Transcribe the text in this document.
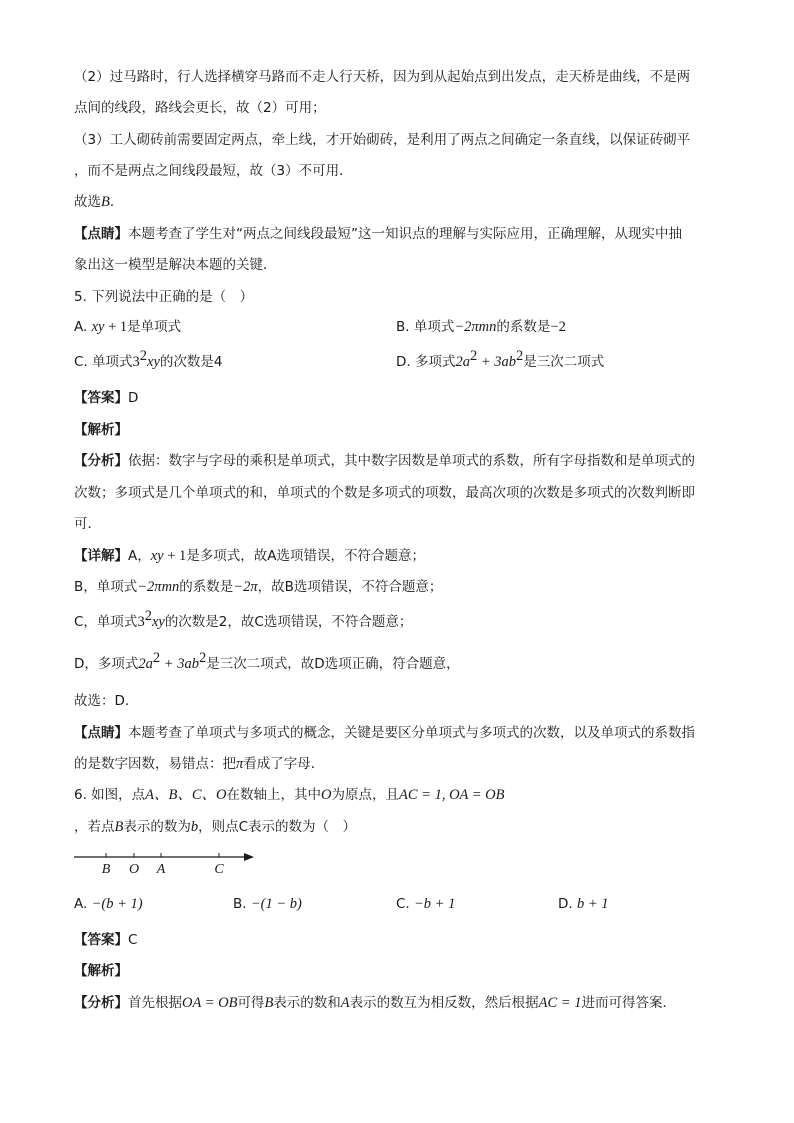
（2）过马路时，行人选择横穿马路而不走人行天桥，因为到从起始点到出发点，走天桥是曲线，不是两
点间的线段，路线会更长，故（2）可用；
（3）工人砌砖前需要固定两点，牵上线，才开始砌砖，是利用了两点之间确定一条直线，以保证砖砌平
，而不是两点之间线段最短，故（3）不可用．
故选B．
【点睛】本题考查了学生对“两点之间线段最短”这一知识点的理解与实际应用，正确理解，从现实中抽
象出这一模型是解决本题的关键．
5. 下列说法中正确的是（　）
A. xy + 1是单项式	B. 单项式−2πmn的系数是−2
C. 单项式$3^2xy$的次数是4	D. 多项式$2a^2 + 3ab^2$是三次二项式
【答案】D
【解析】
【分析】依据：数字与字母的乘积是单项式，其中数字因数是单项式的系数，所有字母指数和是单项式的
次数；多项式是几个单项式的和，单项式的个数是多项式的项数，最高次项的次数是多项式的次数判断即
可．
【详解】A，xy + 1是多项式，故A选项错误，不符合题意；
B，单项式−2πmn的系数是−2π，故B选项错误，不符合题意；
C，单项式$3^2xy$的次数是2，故C选项错误，不符合题意；
D，多项式$2a^2 + 3ab^2$是三次二项式，故D选项正确，符合题意，
故选：D．
【点睛】本题考查了单项式与多项式的概念，关键是要区分单项式与多项式的次数，以及单项式的系数指
的是数字因数，易错点：把π看成了字母．
6. 如图，点A、B、C、O在数轴上，其中O为原点，且AC = 1, OA = OB
，若点B表示的数为b，则点C表示的数为（　）
B O A	C
A. −(b + 1)	B. −(1 − b)	C. −b + 1	D. b + 1
【答案】C
【解析】
【分析】首先根据OA = OB可得B表示的数和A表示的数互为相反数，然后根据AC = 1进而可得答案．
